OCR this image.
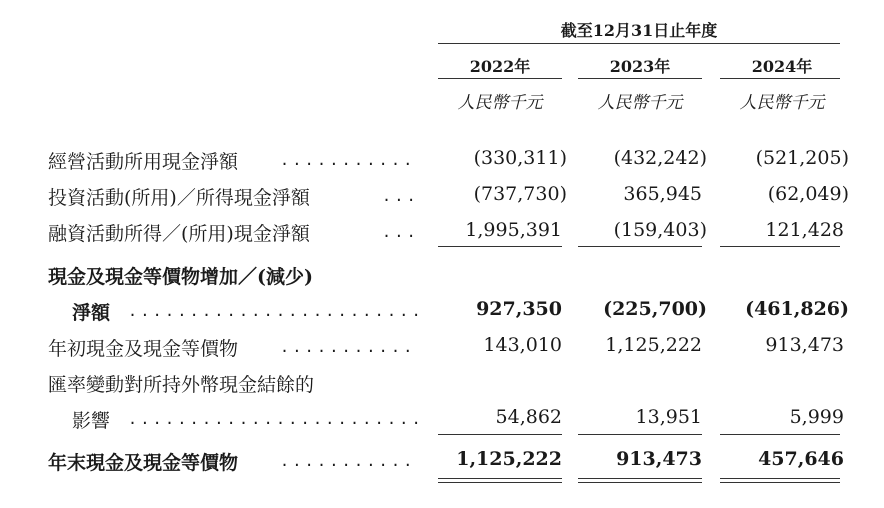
截至12月31日止年度
2022年	2023年	2024年
人民幣千元	人民幣千元	人民幣千元
經營活動所用現金淨額	...........	(330,311)	(432,242)	(521,205)
投資活動(所用)／所得現金淨額	...	(737,730)	365,945	(62,049)
融資活動所得／(所用)現金淨額	...	1,995,391	(159,403)	121,428
現金及現金等價物增加／(減少)
淨額 ........................	927,350	(225,700)	(461,826)
年初現金及現金等價物	...........	143,010	1,125,222	913,473
匯率變動對所持外幣現金結餘的
影響 ........................	54,862	13,951	5,999
年末現金及現金等價物	...........	1,125,222	913,473	457,646
